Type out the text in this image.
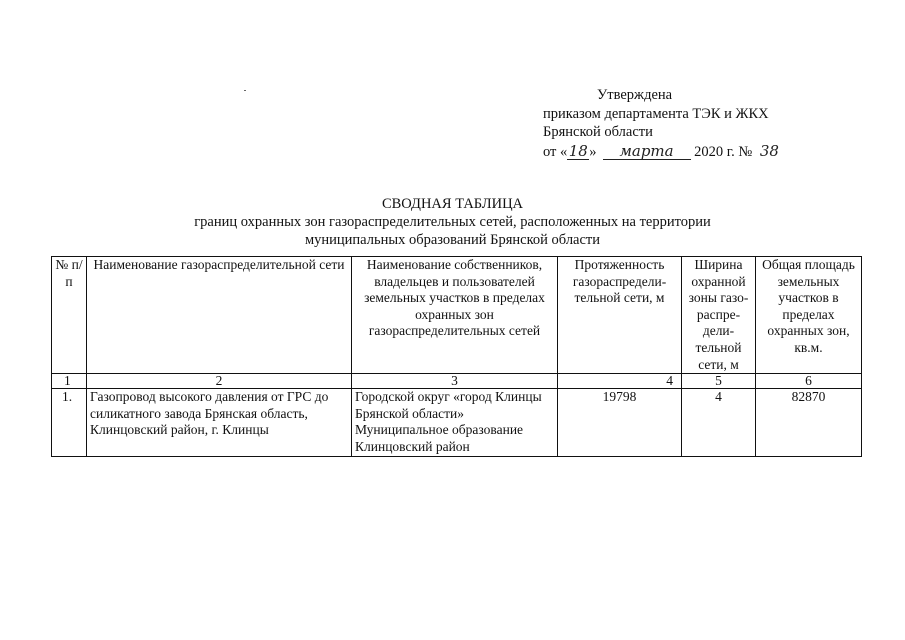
Утверждена
приказом департамента ТЭК и ЖКХ
Брянской области
от «18» марта 2020 г. № 38
СВОДНАЯ ТАБЛИЦА
границ охранных зон газораспределительных сетей, расположенных на территории
муниципальных образований Брянской области
№ п/п	Наименование газораспределительной сети	Наименование собственников, владельцев и пользователей земельных участков в пределах охранных зон газораспределительных сетей	Протяженность газораспредели-тельной сети, м	Ширина охранной зоны газо-распре-дели-тельной сети, м	Общая площадь земельных участков в пределах охранных зон, кв.м.
1	2	3	4	5	6
1.	Газопровод высокого давления от ГРС до силикатного завода Брянская область, Клинцовский район, г. Клинцы	Городской округ «город Клинцы Брянской области» Муниципальное образование Клинцовский район	19798	4	82870
